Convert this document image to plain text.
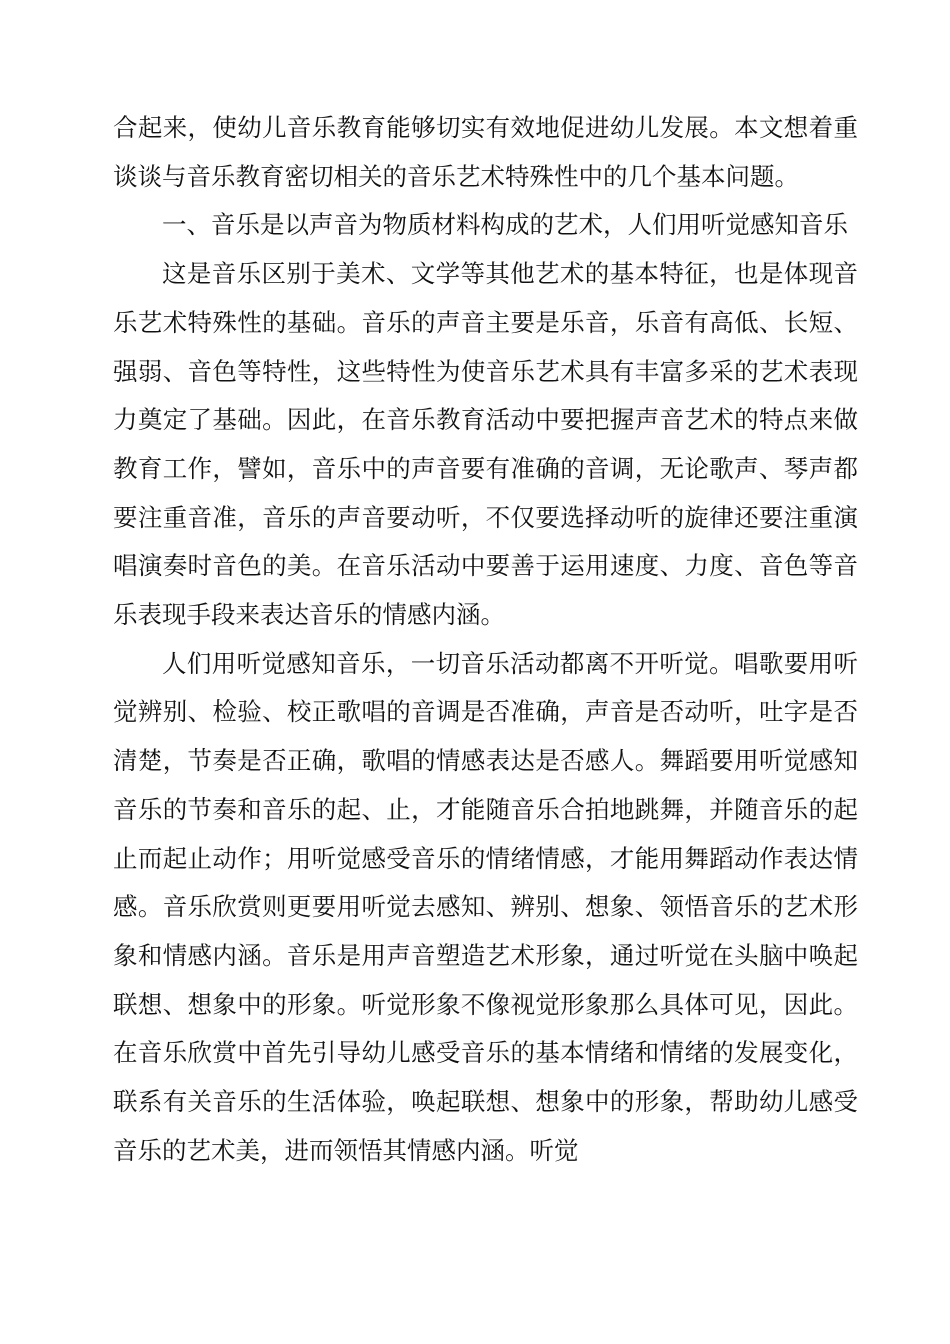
合起来，使幼儿音乐教育能够切实有效地促进幼儿发展。本文想着重谈谈与音乐教育密切相关的音乐艺术特殊性中的几个基本问题。

一、音乐是以声音为物质材料构成的艺术，人们用听觉感知音乐

这是音乐区别于美术、文学等其他艺术的基本特征，也是体现音乐艺术特殊性的基础。音乐的声音主要是乐音，乐音有高低、长短、强弱、音色等特性，这些特性为使音乐艺术具有丰富多采的艺术表现力奠定了基础。因此，在音乐教育活动中要把握声音艺术的特点来做教育工作，譬如，音乐中的声音要有准确的音调，无论歌声、琴声都要注重音准，音乐的声音要动听，不仅要选择动听的旋律还要注重演唱演奏时音色的美。在音乐活动中要善于运用速度、力度、音色等音乐表现手段来表达音乐的情感内涵。

人们用听觉感知音乐，一切音乐活动都离不开听觉。唱歌要用听觉辨别、检验、校正歌唱的音调是否准确，声音是否动听，吐字是否清楚，节奏是否正确，歌唱的情感表达是否感人。舞蹈要用听觉感知音乐的节奏和音乐的起、止，才能随音乐合拍地跳舞，并随音乐的起止而起止动作；用听觉感受音乐的情绪情感，才能用舞蹈动作表达情感。音乐欣赏则更要用听觉去感知、辨别、想象、领悟音乐的艺术形象和情感内涵。音乐是用声音塑造艺术形象，通过听觉在头脑中唤起联想、想象中的形象。听觉形象不像视觉形象那么具体可见，因此。在音乐欣赏中首先引导幼儿感受音乐的基本情绪和情绪的发展变化，联系有关音乐的生活体验，唤起联想、想象中的形象，帮助幼儿感受音乐的艺术美，进而领悟其情感内涵。听觉
